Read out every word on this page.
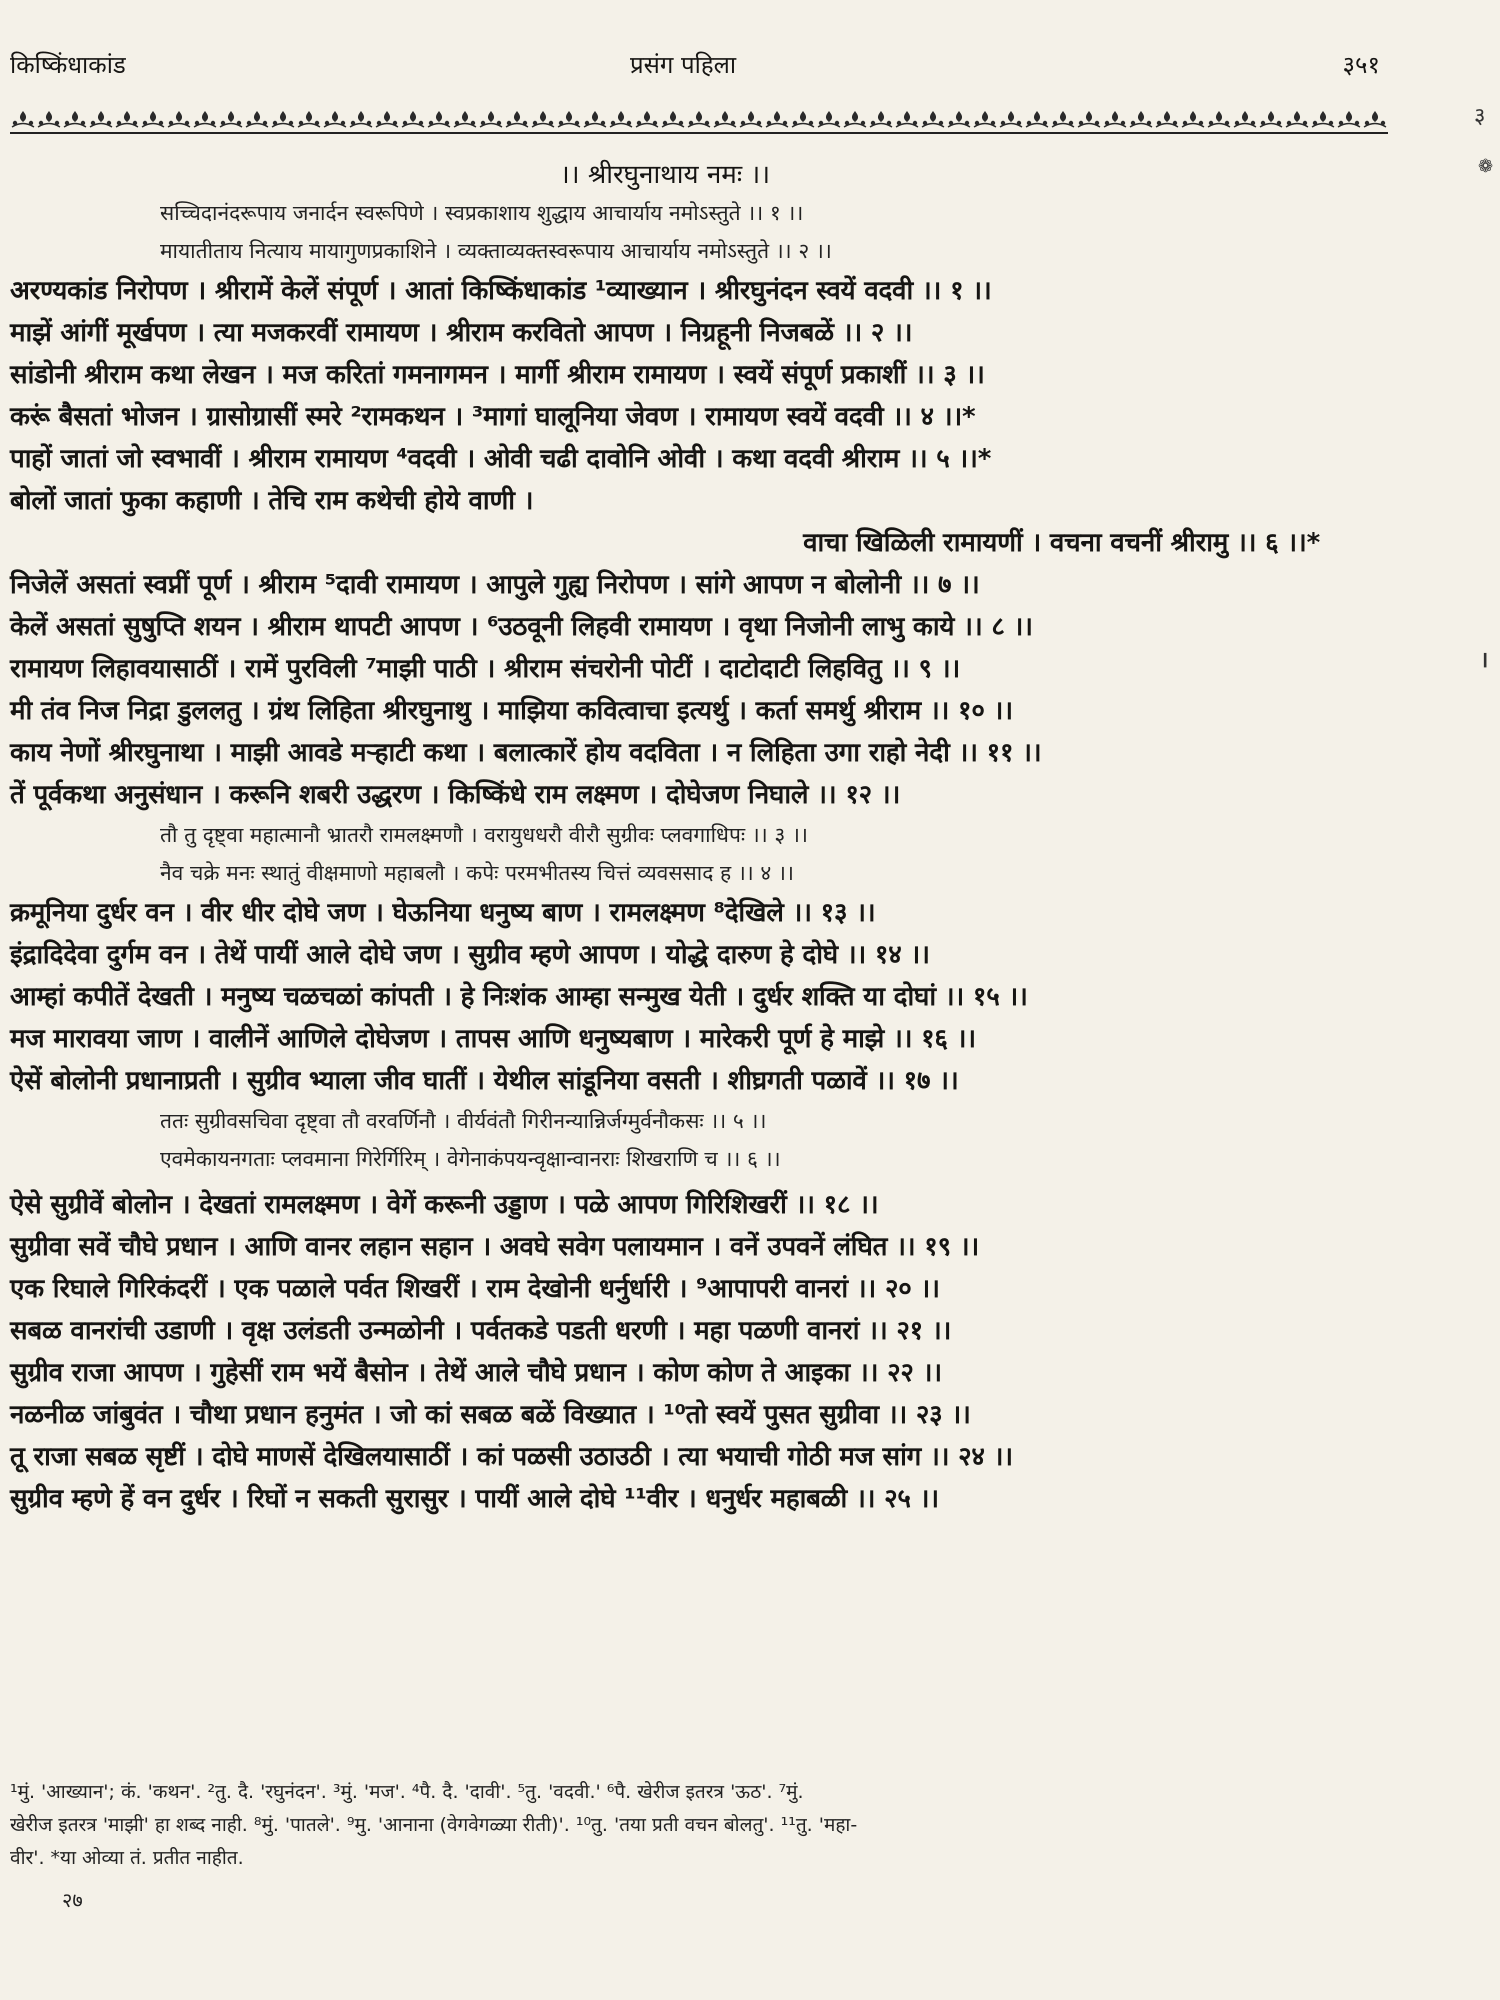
किष्किंधाकांड	प्रसंग पहिला	३५१
३
।
❁
।। श्रीरघुनाथाय नमः ।।
सच्चिदानंदरूपाय जनार्दन स्वरूपिणे । स्वप्रकाशाय शुद्धाय आचार्याय नमोऽस्तुते ।। १ ।।
मायातीताय नित्याय मायागुणप्रकाशिने । व्यक्ताव्यक्तस्वरूपाय आचार्याय नमोऽस्तुते ।। २ ।।
अरण्यकांड निरोपण । श्रीरामें केलें संपूर्ण । आतां किष्किंधाकांड ¹व्याख्यान । श्रीरघुनंदन स्वयें वदवी ।। १ ।।
माझें आंगीं मूर्खपण । त्या मजकरवीं रामायण । श्रीराम करवितो आपण । निग्रहूनी निजबळें ।। २ ।।
सांडोनी श्रीराम कथा लेखन । मज करितां गमनागमन । मार्गी श्रीराम रामायण । स्वयें संपूर्ण प्रकाशीं ।। ३ ।।
करूं बैसतां भोजन । ग्रासोग्रासीं स्मरे ²रामकथन । ³मागां घालूनिया जेवण । रामायण स्वयें वदवी ।। ४ ।।*
पाहों जातां जो स्वभावीं । श्रीराम रामायण ⁴वदवी । ओवी चढी दावोनि ओवी । कथा वदवी श्रीराम ।। ५ ।।*
बोलों जातां फुका कहाणी । तेचि राम कथेची होये वाणी ।
वाचा खिळिली रामायणीं । वचना वचनीं श्रीरामु ।। ६ ।।*
निजेलें असतां स्वप्नीं पूर्ण । श्रीराम ⁵दावी रामायण । आपुले गुह्य निरोपण । सांगे आपण न बोलोनी ।। ७ ।।
केलें असतां सुषुप्ति शयन । श्रीराम थापटी आपण । ⁶उठवूनी लिहवी रामायण । वृथा निजोनी लाभु काये ।। ८ ।।
रामायण लिहावयासाठीं । रामें पुरविली ⁷माझी पाठी । श्रीराम संचरोनी पोटीं । दाटोदाटी लिहवितु ।। ९ ।।
मी तंव निज निद्रा डुललतु । ग्रंथ लिहिता श्रीरघुनाथु । माझिया कवित्वाचा इत्यर्थु । कर्ता समर्थु श्रीराम ।। १० ।।
काय नेणों श्रीरघुनाथा । माझी आवडे मऱ्हाटी कथा । बलात्कारें होय वदविता । न लिहिता उगा राहो नेदी ।। ११ ।।
तें पूर्वकथा अनुसंधान । करूनि शबरी उद्धरण । किष्किंधे राम लक्ष्मण । दोघेजण निघाले ।। १२ ।।
तौ तु दृष्ट्वा महात्मानौ भ्रातरौ रामलक्ष्मणौ । वरायुधधरौ वीरौ सुग्रीवः प्लवगाधिपः ।। ३ ।।
नैव चक्रे मनः स्थातुं वीक्षमाणो महाबलौ । कपेः परमभीतस्य चित्तं व्यवससाद ह ।। ४ ।।
क्रमूनिया दुर्धर वन । वीर धीर दोघे जण । घेऊनिया धनुष्य बाण । रामलक्ष्मण ⁸देखिले ।। १३ ।।
इंद्रादिदेवा दुर्गम वन । तेथें पायीं आले दोघे जण । सुग्रीव म्हणे आपण । योद्धे दारुण हे दोघे ।। १४ ।।
आम्हां कपीतें देखती । मनुष्य चळचळां कांपती । हे निःशंक आम्हा सन्मुख येती । दुर्धर शक्ति या दोघां ।। १५ ।।
मज मारावया जाण । वालीनें आणिले दोघेजण । तापस आणि धनुष्यबाण । मारेकरी पूर्ण हे माझे ।। १६ ।।
ऐसें बोलोनी प्रधानाप्रती । सुग्रीव भ्याला जीव घातीं । येथील सांडूनिया वसती । शीघ्रगती पळावें ।। १७ ।।
ततः सुग्रीवसचिवा दृष्ट्वा तौ वरवर्णिनौ । वीर्यवंतौ गिरीनन्यान्निर्जग्मुर्वनौकसः ।। ५ ।।
एवमेकायनगताः प्लवमाना गिरेर्गिरिम् । वेगेनाकंपयन्वृक्षान्वानराः शिखराणि च ।। ६ ।।
ऐसे सुग्रीवें बोलोन । देखतां रामलक्ष्मण । वेगें करूनी उड्डाण । पळे आपण गिरिशिखरीं ।। १८ ।।
सुग्रीवा सवें चौघे प्रधान । आणि वानर लहान सहान । अवघे सवेग पलायमान । वनें उपवनें लंघित ।। १९ ।।
एक रिघाले गिरिकंदरीं । एक पळाले पर्वत शिखरीं । राम देखोनी धर्नुर्धारी । ⁹आपापरी वानरां ।। २० ।।
सबळ वानरांची उडाणी । वृक्ष उलंडती उन्मळोनी । पर्वतकडे पडती धरणी । महा पळणी वानरां ।। २१ ।।
सुग्रीव राजा आपण । गुहेसीं राम भयें बैसोन । तेथें आले चौघे प्रधान । कोण कोण ते आइका ।। २२ ।।
नळनीळ जांबुवंत । चौथा प्रधान हनुमंत । जो कां सबळ बळें विख्यात । ¹⁰तो स्वयें पुसत सुग्रीवा ।। २३ ।।
तू राजा सबळ सृष्टीं । दोघे माणसें देखिलयासाठीं । कां पळसी उठाउठी । त्या भयाची गोठी मज सांग ।। २४ ।।
सुग्रीव म्हणे हें वन दुर्धर । रिघों न सकती सुरासुर । पायीं आले दोघे ¹¹वीर । धनुर्धर महाबळी ।। २५ ।।
¹मुं. 'आख्यान'; कं. 'कथन'. ²तु. दै. 'रघुनंदन'. ³मुं. 'मज'. ⁴पै. दै. 'दावी'. ⁵तु. 'वदवी.' ⁶पै. खेरीज इतरत्र 'ऊठ'. ⁷मुं.
खेरीज इतरत्र 'माझी' हा शब्द नाही. ⁸मुं. 'पातले'. ⁹मु. 'आनाना (वेगवेगळ्या रीती)'. ¹⁰तु. 'तया प्रती वचन बोलतु'. ¹¹तु. 'महा-
वीर'. *या ओव्या तं. प्रतीत नाहीत.
२७
